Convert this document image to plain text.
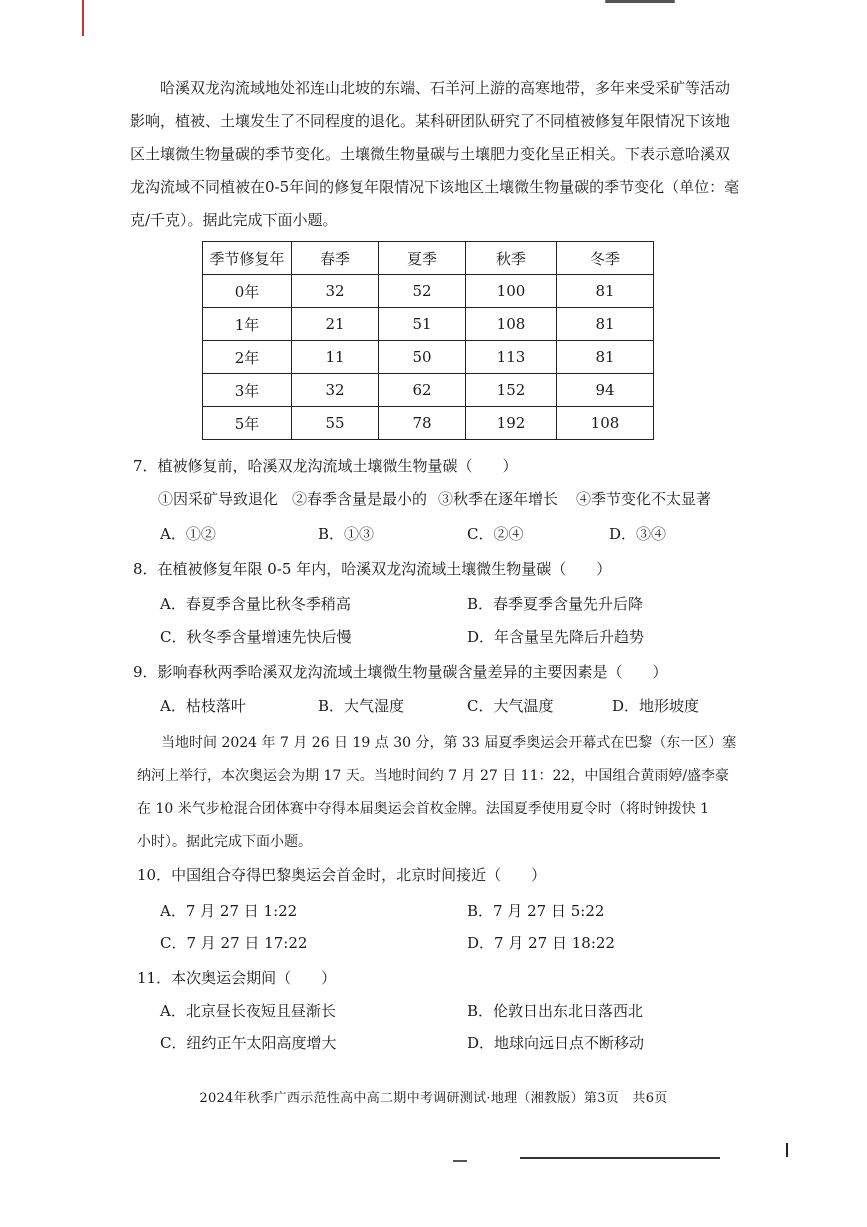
哈溪双龙沟流域地处祁连山北坡的东端、石羊河上游的高寒地带，多年来受采矿等活动
影响，植被、土壤发生了不同程度的退化。某科研团队研究了不同植被修复年限情况下该地
区土壤微生物量碳的季节变化。土壤微生物量碳与土壤肥力变化呈正相关。下表示意哈溪双
龙沟流域不同植被在0-5年间的修复年限情况下该地区土壤微生物量碳的季节变化（单位：毫
克/千克）。据此完成下面小题。
季节修复年	春季	夏季	秋季	冬季
0年	32	52	100	81
1年	21	51	108	81
2年	11	50	113	81
3年	32	62	152	94
5年	55	78	192	108
7．植被修复前，哈溪双龙沟流域土壤微生物量碳（　　）
①因采矿导致退化 ②春季含量是最小的 ③秋季在逐年增长 ④季节变化不太显著
A．①②	B．①③	C．②④	D．③④
8．在植被修复年限 0-5 年内，哈溪双龙沟流域土壤微生物量碳（　　）
A．春夏季含量比秋冬季稍高	B．春季夏季含量先升后降
C．秋冬季含量增速先快后慢	D．年含量呈先降后升趋势
9．影响春秋两季哈溪双龙沟流域土壤微生物量碳含量差异的主要因素是（　　）
A．枯枝落叶	B．大气湿度	C．大气温度	D．地形坡度
当地时间 2024 年 7 月 26 日 19 点 30 分，第 33 届夏季奥运会开幕式在巴黎（东一区）塞
纳河上举行，本次奥运会为期 17 天。当地时间约 7 月 27 日 11：22，中国组合黄雨婷/盛李豪
在 10 米气步枪混合团体赛中夺得本届奥运会首枚金牌。法国夏季使用夏令时（将时钟拨快 1
小时）。据此完成下面小题。
10．中国组合夺得巴黎奥运会首金时，北京时间接近（　　）
A．7 月 27 日 1:22	B．7 月 27 日 5:22
C．7 月 27 日 17:22	D．7 月 27 日 18:22
11．本次奥运会期间（　　）
A．北京昼长夜短且昼渐长	B．伦敦日出东北日落西北
C．纽约正午太阳高度增大	D．地球向远日点不断移动
2024年秋季广西示范性高中高二期中考调研测试·地理（湘教版）第3页　共6页
